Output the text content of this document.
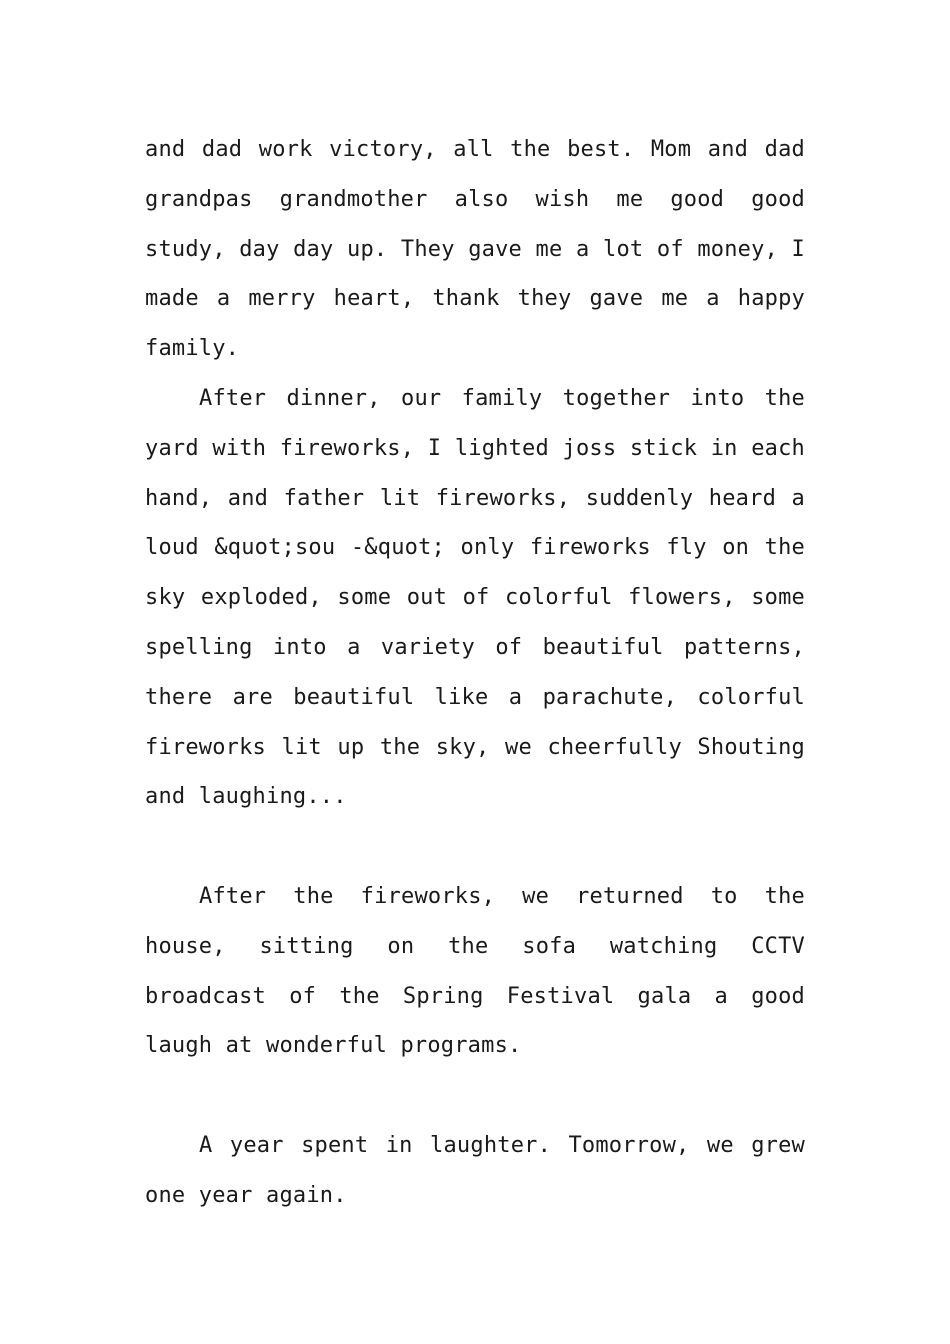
and dad work victory, all the best. Mom and dad grandpas grandmother also wish me good good study, day day up. They gave me a lot of money, I made a merry heart, thank they gave me a happy family.

After dinner, our family together into the yard with fireworks, I lighted joss stick in each hand, and father lit fireworks, suddenly heard a loud &quot;sou -&quot; only fireworks fly on the sky exploded, some out of colorful flowers, some spelling into a variety of beautiful patterns, there are beautiful like a parachute, colorful fireworks lit up the sky, we cheerfully Shouting and laughing...

After the fireworks, we returned to the house, sitting on the sofa watching CCTV broadcast of the Spring Festival gala a good laugh at wonderful programs.

A year spent in laughter. Tomorrow, we grew one year again.
